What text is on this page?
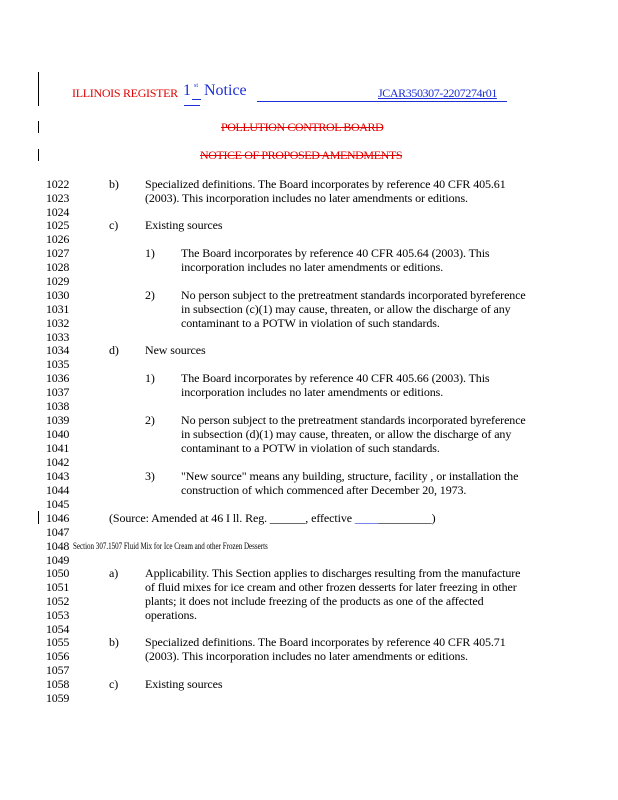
ILLINOIS REGISTER 1 st Notice	JCAR350307-2207274r01
POLLUTION CONTROL BOARD
NOTICE OF PROPOSED AMENDMENTS
1022
1023
1024
1025
1026
1027
1028
1029
1030
1031
1032
1033
1034
1035
1036
1037
1038
1039
1040
1041
1042
1043
1044
1045
1046
1047
1048
1049
1050
1051
1052
1053
1054
1055
1056
1057
1058
1059
b) Specialized definitions. The Board incorporates by reference 40 CFR 405.61
(2003). This incorporation includes no later amendments or editions.
c) Existing sources
1) The Board incorporates by reference 40 CFR 405.64 (2003). This
incorporation includes no later amendments or editions.
2) No person subject to the pretreatment standards incorporated byreference
in subsection (c)(1) may cause, threaten, or allow the discharge of any
contaminant to a POTW in violation of such standards.
d) New sources
1) The Board incorporates by reference 40 CFR 405.66 (2003). This
incorporation includes no later amendments or editions.
2) No person subject to the pretreatment standards incorporated byreference
in subsection (d)(1) may cause, threaten, or allow the discharge of any
contaminant to a POTW in violation of such standards.
3) "New source" means any building, structure, facility , or installation the
construction of which commenced after December 20, 1973.
(Source: Amended at 46 I ll. Reg. ______, effective _____________)
Section 307.1507 Fluid Mix for Ice Cream and other Frozen Desserts
a) Applicability. This Section applies to discharges resulting from the manufacture
of fluid mixes for ice cream and other frozen desserts for later freezing in other
plants; it does not include freezing of the products as one of the affected
operations.
b) Specialized definitions. The Board incorporates by reference 40 CFR 405.71
(2003). This incorporation includes no later amendments or editions.
c) Existing sources
